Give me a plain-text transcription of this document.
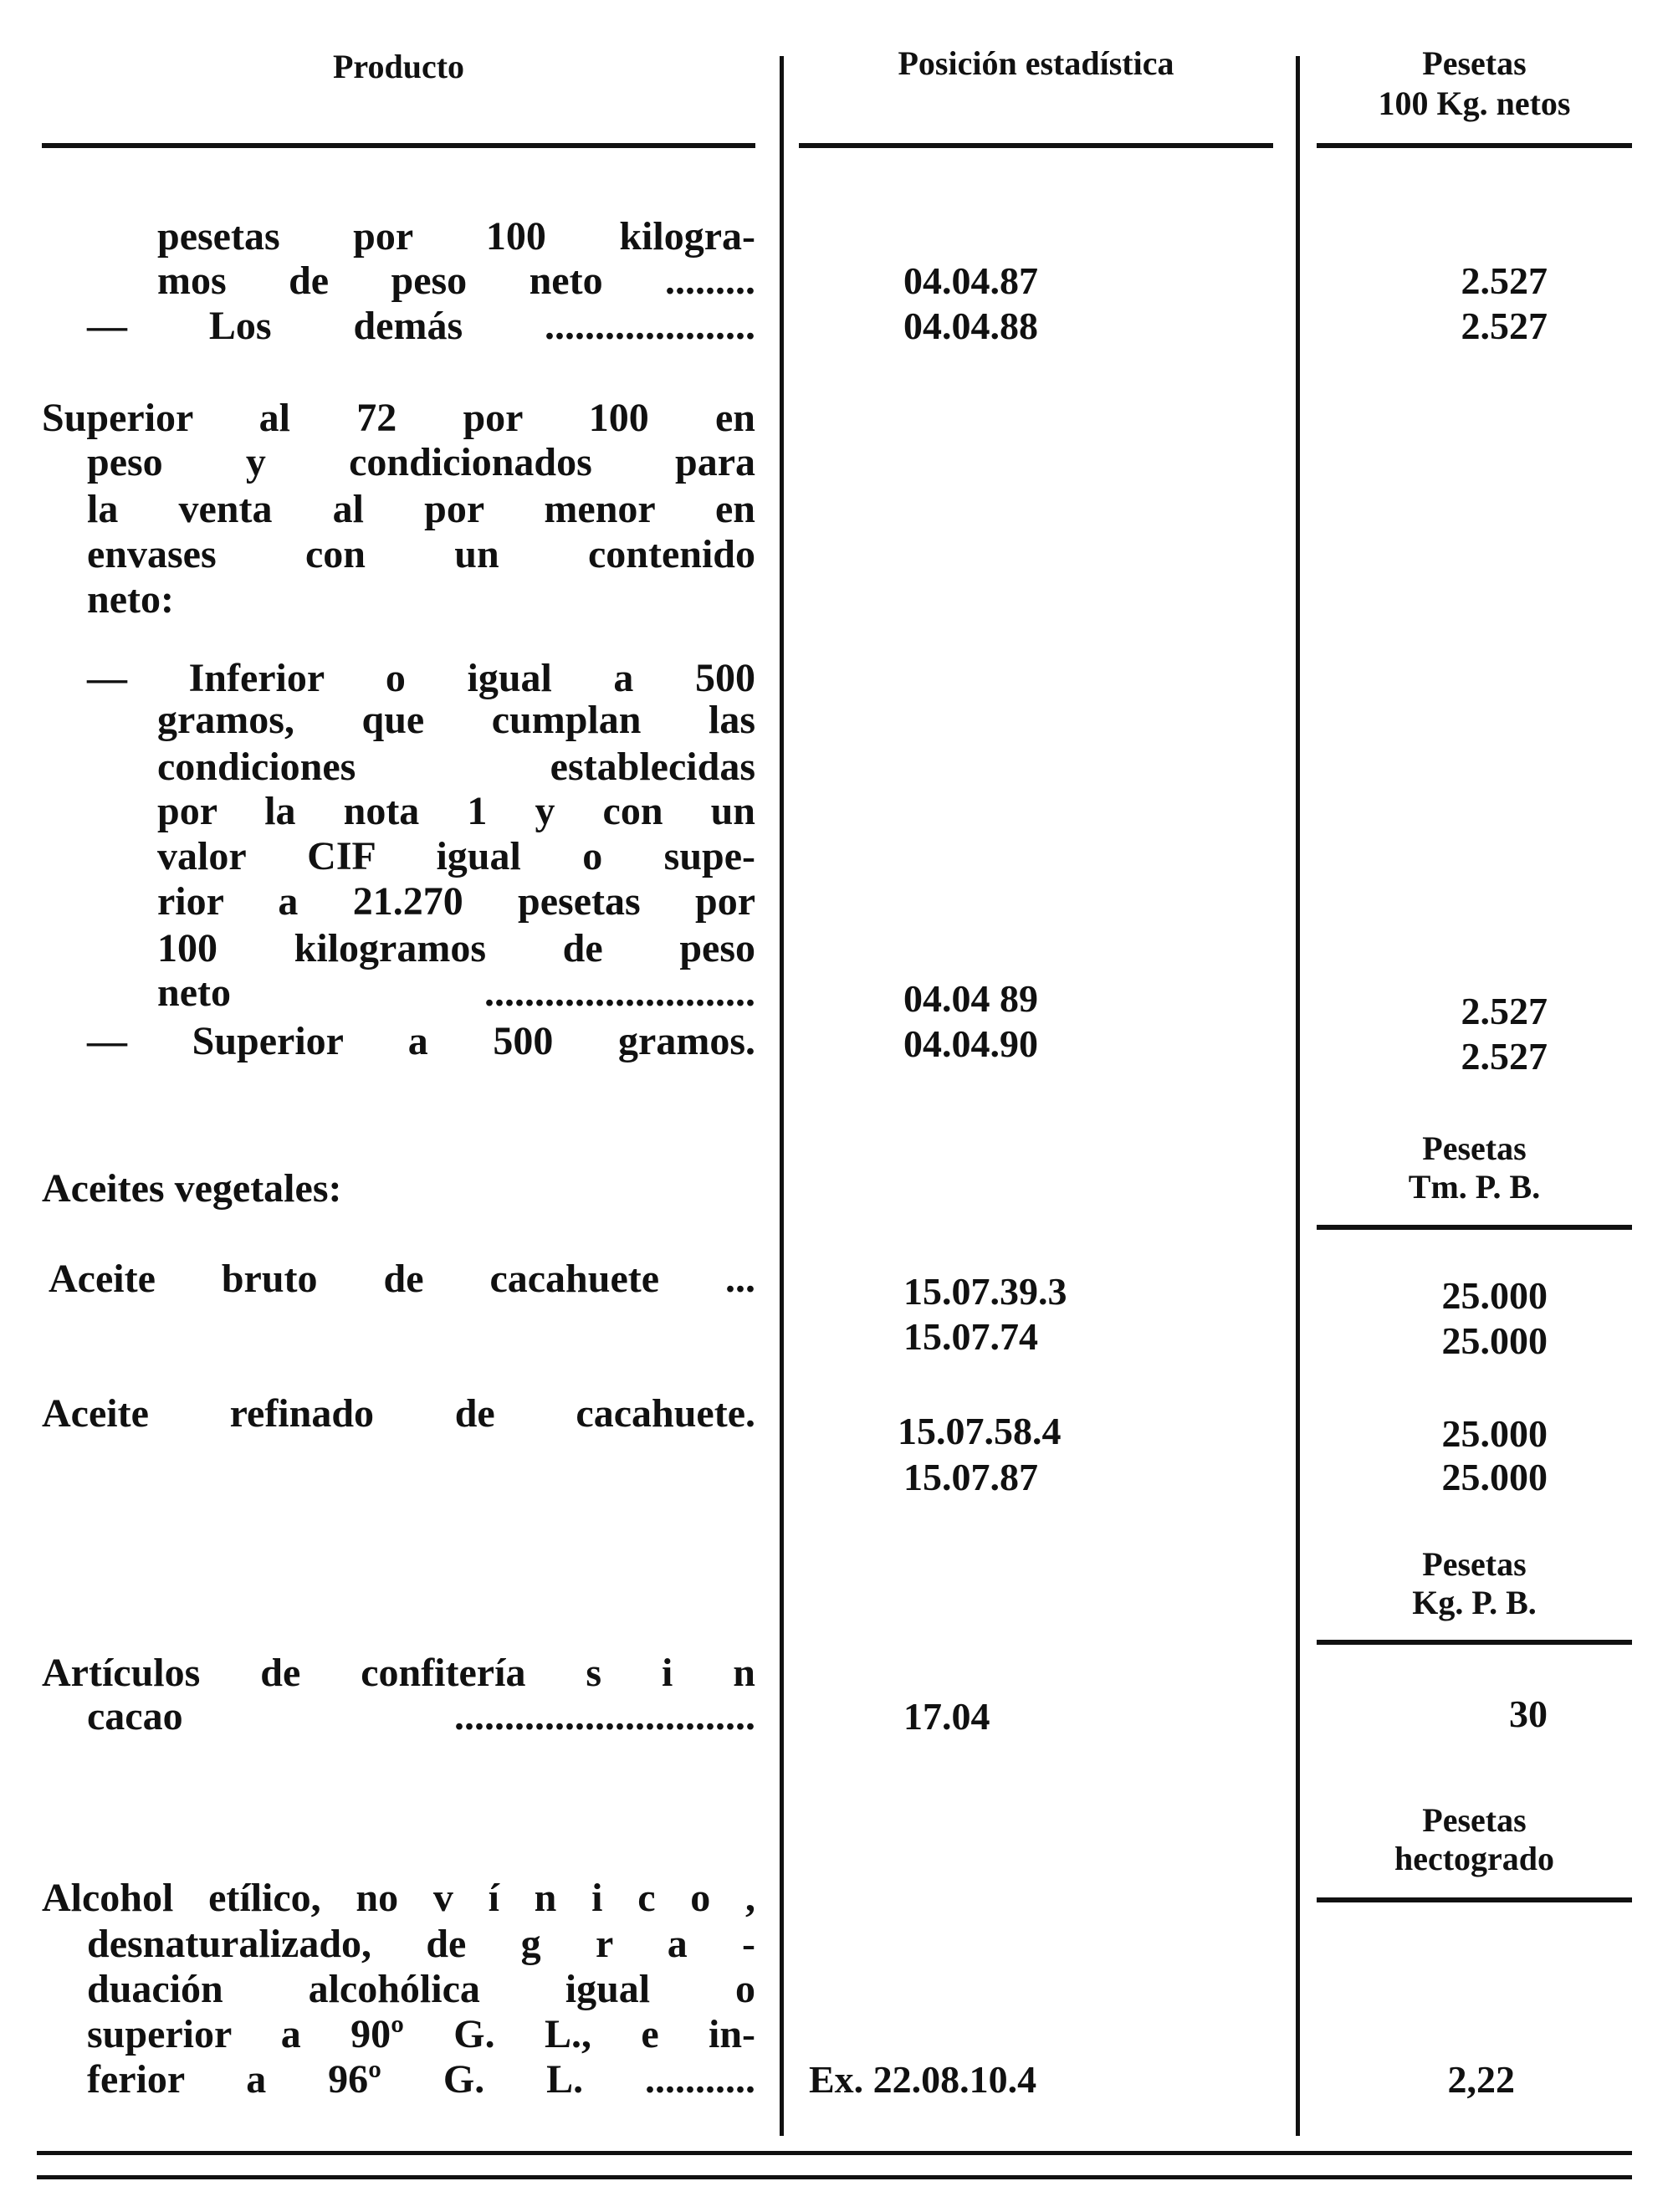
Producto	Posición estadística	Pesetas
100 Kg. netos
pesetas por 100 kilogra-
mos de peso neto .........
— Los demás .....................
Superior al 72 por 100 en
peso y condicionados para
la venta al por menor en
envases con un contenido
neto:
— Inferior o igual a 500
gramos, que cumplan las
condiciones establecidas
por la nota 1 y con un
valor CIF igual o supe-
rior a 21.270 pesetas por
100 kilogramos de peso
neto ...........................
— Superior a 500 gramos.
Aceites vegetales:
Aceite bruto de cacahuete ...
Aceite refinado de cacahuete.
Artículos de confitería s i n
cacao ..............................
Alcohol etílico, no v í n i c o ,
desnaturalizado, de g r a -
duación alcohólica igual o
superior a 90º G. L., e in-
ferior a 96º G. L. ...........
04.04.87
04.04.88
04.04 89
04.04.90
15.07.39.3
15.07.74
15.07.58.4
15.07.87
17.04
Ex. 22.08.10.4
2.527
2.527
2.527
2.527
25.000
25.000
25.000
25.000
30
2,22
Pesetas
Tm. P. B.
Pesetas
Kg. P. B.
Pesetas
hectogrado
